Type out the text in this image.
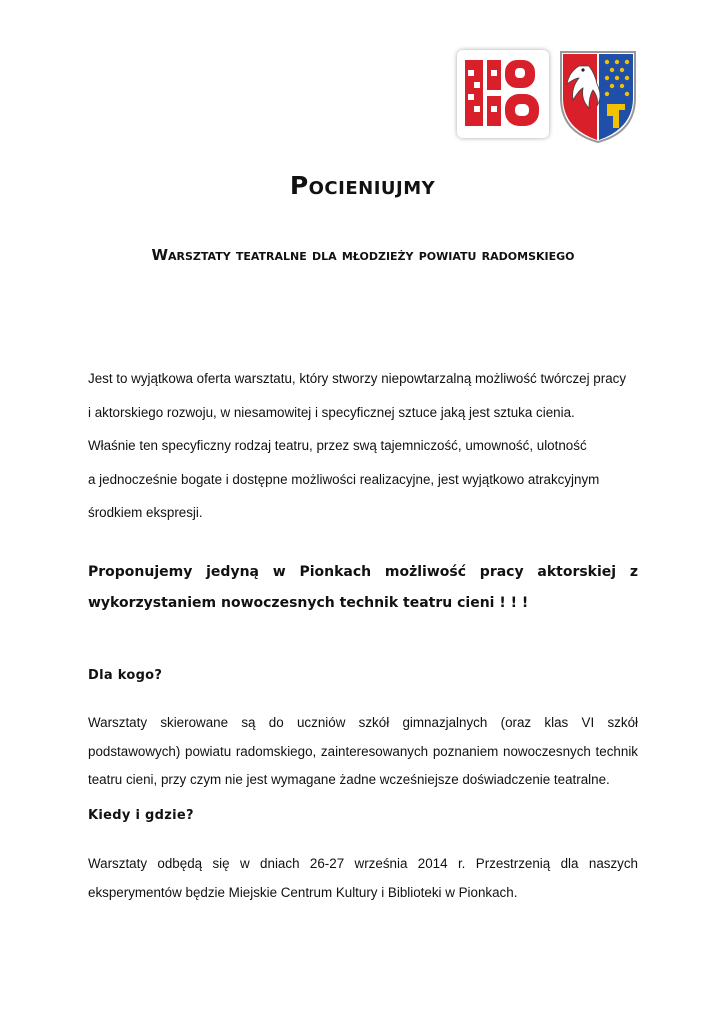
Pocieniujmy

Warsztaty teatralne dla młodzieży powiatu radomskiego

Jest to wyjątkowa oferta warsztatu, który stworzy niepowtarzalną możliwość twórczej pracy

i aktorskiego rozwoju, w niesamowitej i specyficznej sztuce jaką jest sztuka cienia.

Właśnie ten specyficzny rodzaj teatru, przez swą tajemniczość, umowność, ulotność

a jednocześnie bogate i dostępne możliwości realizacyjne, jest wyjątkowo atrakcyjnym

środkiem ekspresji.

Proponujemy jedyną w Pionkach możliwość pracy aktorskiej z wykorzystaniem nowoczesnych technik teatru cieni ! ! !

Dla kogo?

Warsztaty skierowane są do uczniów szkół gimnazjalnych (oraz klas VI szkół podstawowych) powiatu radomskiego, zainteresowanych poznaniem nowoczesnych technik teatru cieni, przy czym nie jest wymagane żadne wcześniejsze doświadczenie teatralne.

Kiedy i gdzie?

Warsztaty odbędą się w dniach 26-27 września 2014 r. Przestrzenią dla naszych eksperymentów będzie Miejskie Centrum Kultury i Biblioteki w Pionkach.
